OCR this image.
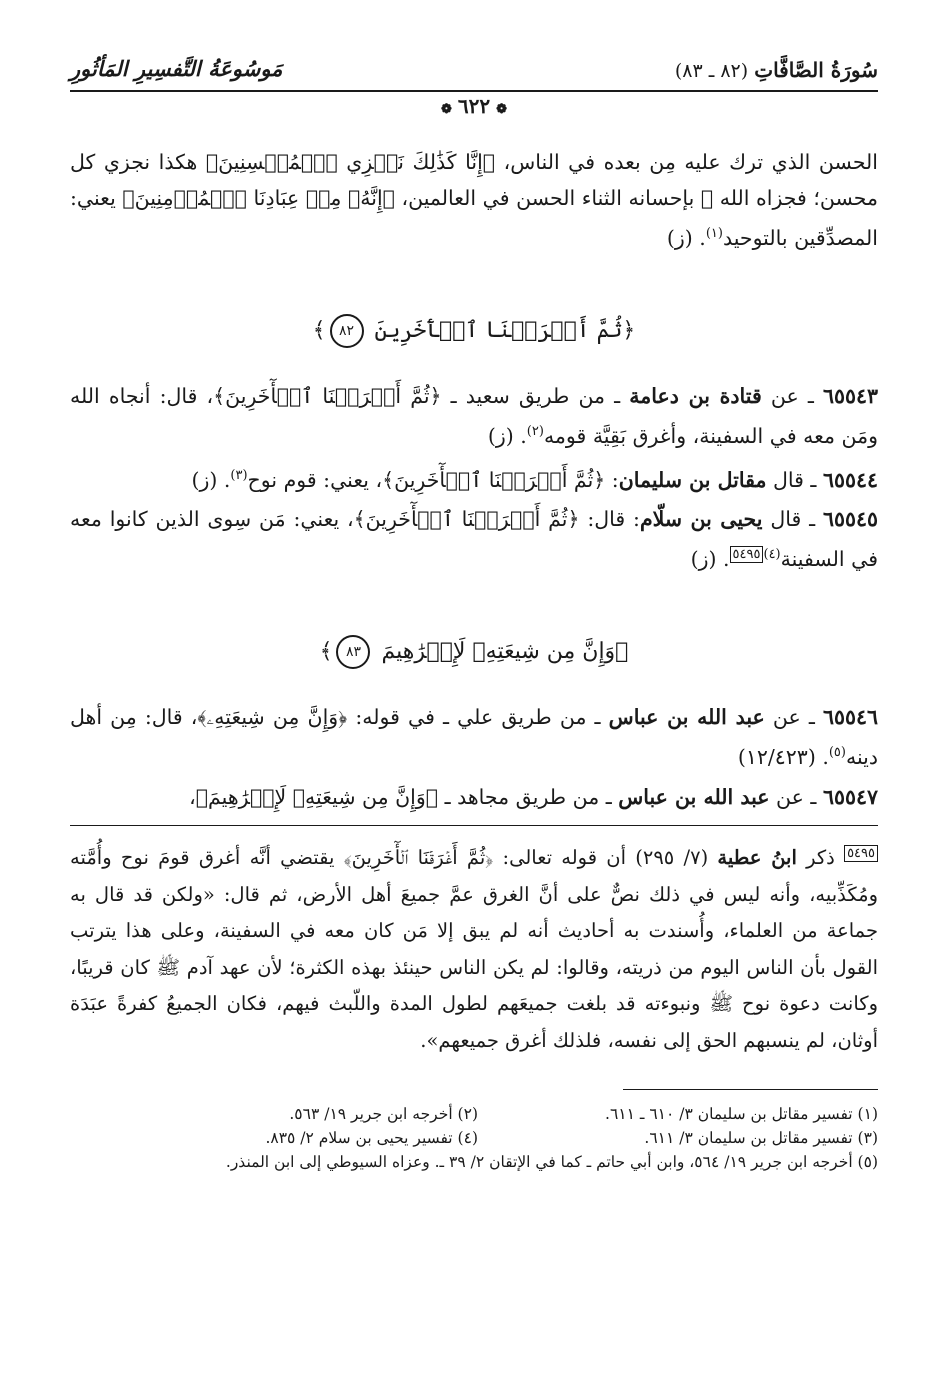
سُورَةُ الصَّافَّاتِ (٨٢ ـ ٨٣)
مَوسُوعَةُ التَّفسِيرِ المَأثُورِ
❁٦٢٢❁

الحسن الذي ترك عليه مِن بعده في الناس، ﴿إِنَّا كَذَٰلِكَ نَجۡزِي ٱلۡمُحۡسِنِينَ﴾ هكذا نجزي كل محسن؛ فجزاه الله ﷻ بإحسانه الثناء الحسن في العالمين، ﴿إِنَّهُۥ مِنۡ عِبَادِنَا ٱلۡمُؤۡمِنِينَ﴾ يعني: المصدِّقين بالتوحيد$^{(١)}$. (ز)

﴿ثُمَّ أَغۡرَقۡنَا ٱلۡأٓخَرِينَ ٨٢﴾

٦٥٥٤٣ ـ عن قتادة بن دعامة ـ من طريق سعيد ـ ﴿ثُمَّ أَغۡرَقۡنَا ٱلۡأٓخَرِينَ﴾، قال: أنجاه الله ومَن معه في السفينة، وأغرق بَقِيَّة قومه$^{(٢)}$. (ز)

٦٥٥٤٤ ـ قال مقاتل بن سليمان: ﴿ثُمَّ أَغۡرَقۡنَا ٱلۡأٓخَرِينَ﴾، يعني: قوم نوح$^{(٣)}$. (ز)

٦٥٥٤٥ ـ قال يحيى بن سلّام: قال: ﴿ثُمَّ أَغۡرَقۡنَا ٱلۡأٓخَرِينَ﴾، يعني: مَن سِوى الذين كانوا معه في السفينة$^{(٤)}$٥٤٩٥. (ز)

﴿وَإِنَّ مِن شِيعَتِهِۦ لَإِبۡرَٰهِيمَ ٨٣﴾

٦٥٥٤٦ ـ عن عبد الله بن عباس ـ من طريق علي ـ في قوله: ﴿وَإِنَّ مِن شِيعَتِهِۦ﴾، قال: مِن أهل دينه$^{(٥)}$. (١٢/٤٢٣)

٦٥٥٤٧ ـ عن عبد الله بن عباس ـ من طريق مجاهد ـ ﴿وَإِنَّ مِن شِيعَتِهِۦ لَإِبۡرَٰهِيمَ﴾،

٥٤٩٥ ذكر ابنُ عطية (٧/ ٢٩٥) أن قوله تعالى: ﴿ثُمَّ أَغۡرَقۡنَا ٱلۡأٓخَرِينَ﴾ يقتضي أنَّه أغرق قومَ نوح وأُمَّته ومُكَذِّبيه، وأنه ليس في ذلك نصٌّ على أنَّ الغرق عمَّ جميعَ أهل الأرض، ثم قال: «ولكن قد قال به جماعة من العلماء، وأُسندت به أحاديث أنه لم يبق إلا مَن كان معه في السفينة، وعلى هذا يترتب القول بأن الناس اليوم من ذريته، وقالوا: لم يكن الناس حينئذ بهذه الكثرة؛ لأن عهد آدم ﷺ كان قريبًا، وكانت دعوة نوح ﷺ ونبوءته قد بلغت جميعَهم لطول المدة واللّبث فيهم، فكان الجميعُ كفرةً عبَدَة أوثان، لم ينسبهم الحق إلى نفسه، فلذلك أغرق جميعهم».

(١) تفسير مقاتل بن سليمان ٣/ ٦١٠ ـ ٦١١.
(٢) أخرجه ابن جرير ١٩/ ٥٦٣.
(٣) تفسير مقاتل بن سليمان ٣/ ٦١١.
(٤) تفسير يحيى بن سلام ٢/ ٨٣٥.
(٥) أخرجه ابن جرير ١٩/ ٥٦٤، وابن أبي حاتم ـ كما في الإتقان ٢/ ٣٩ ـ. وعزاه السيوطي إلى ابن المنذر.
